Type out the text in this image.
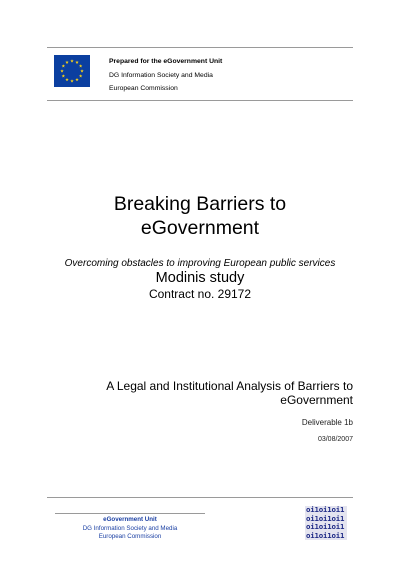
Prepared for the eGovernment Unit
DG Information Society and Media
European Commission
Breaking Barriers to
eGovernment
Overcoming obstacles to improving European public services
Modinis study
Contract no. 29172
A Legal and Institutional Analysis of Barriers to
eGovernment
Deliverable 1b
03/08/2007
eGovernment Unit
DG Information Society and Media
European Commission
oi1oi1oi1
oi1oi1oi1
oi1oi1oi1
oi1oi1oi1
